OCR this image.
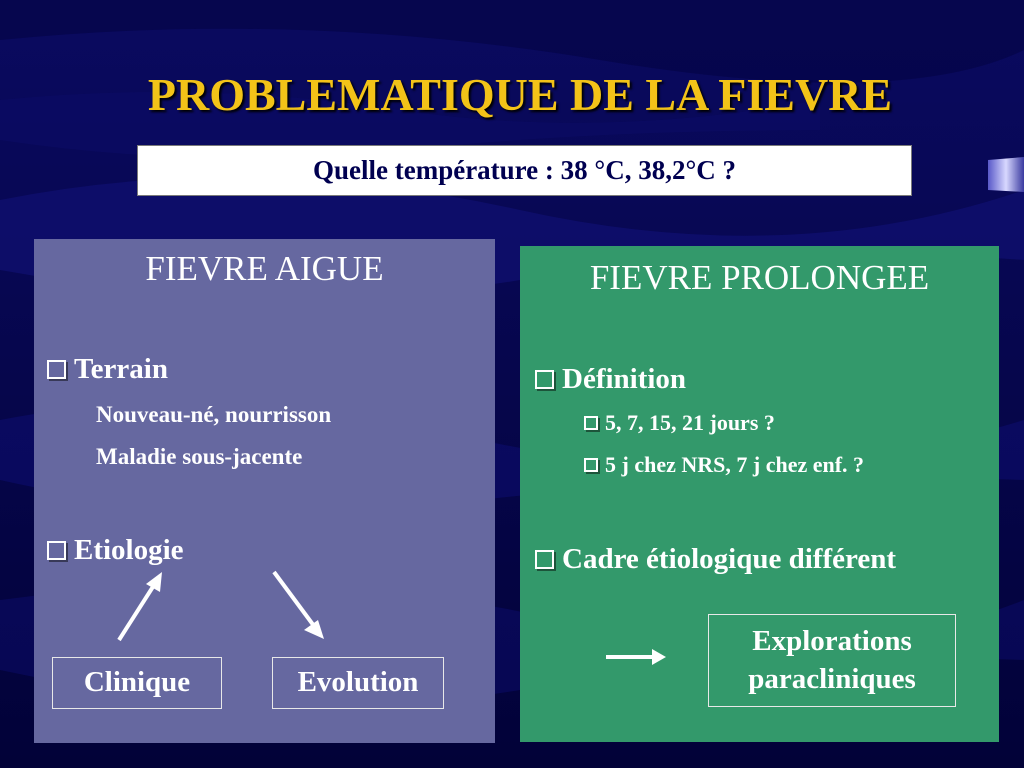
PROBLEMATIQUE DE LA FIEVRE
Quelle température : 38 °C, 38,2°C ?
FIEVRE AIGUE
Terrain
Nouveau-né, nourrisson
Maladie sous-jacente
Etiologie
Clinique	Evolution
FIEVRE PROLONGEE
Définition
5, 7, 15, 21 jours ?
5 j chez NRS, 7 j chez enf. ?
Cadre étiologique différent
Explorations
paracliniques
